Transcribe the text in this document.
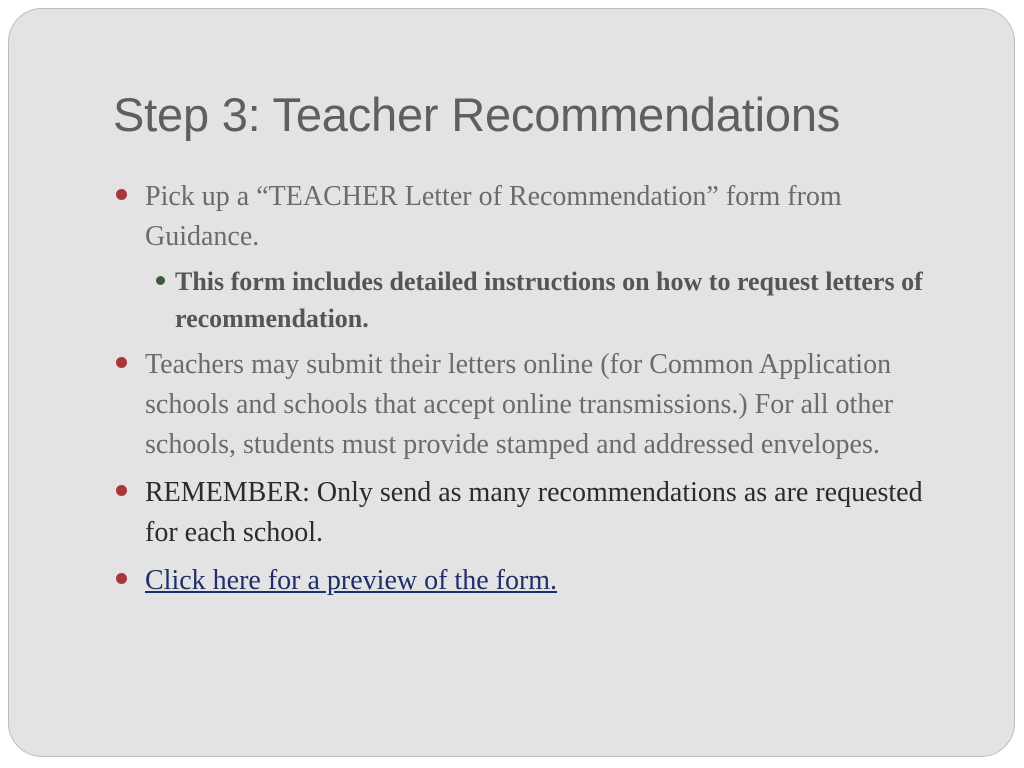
Step 3: Teacher Recommendations
Pick up a “TEACHER Letter of Recommendation” form from Guidance.
This form includes detailed instructions on how to request letters of recommendation.
Teachers may submit their letters online (for Common Application schools and schools that accept online transmissions.) For all other schools, students must provide stamped and addressed envelopes.
REMEMBER: Only send as many recommendations as are requested for each school.
Click here for a preview of the form.
